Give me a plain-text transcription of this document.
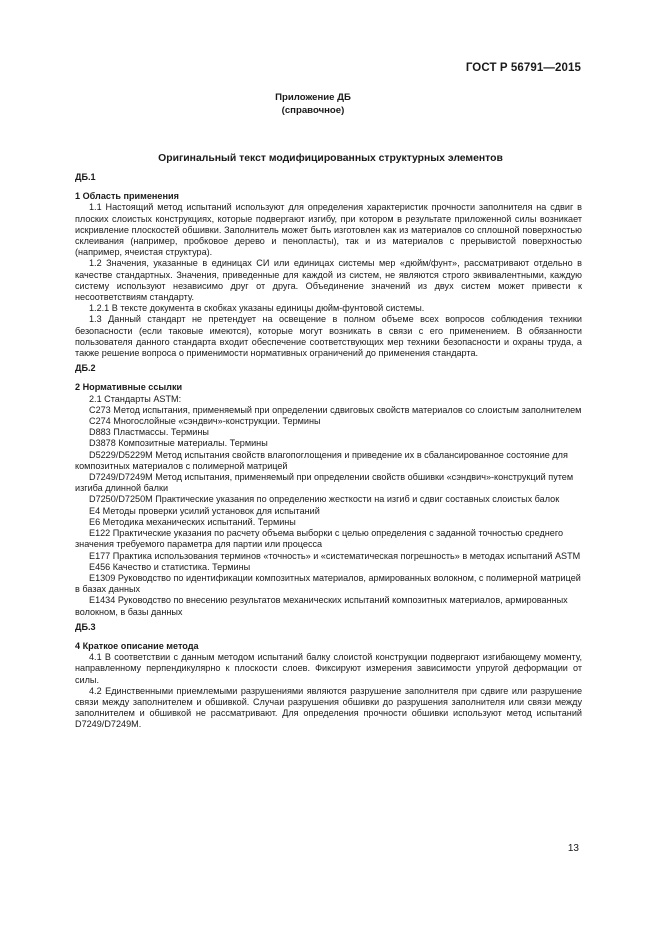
ГОСТ Р 56791—2015
Приложение ДБ
(справочное)
Оригинальный текст модифицированных структурных элементов
ДБ.1
1 Область применения
1.1 Настоящий метод испытаний используют для определения характеристик прочности заполнителя на сдвиг в плоских слоистых конструкциях, которые подвергают изгибу, при котором в результате приложенной силы возникает искривление плоскостей обшивки. Заполнитель может быть изготовлен как из материалов со сплошной поверхностью склеивания (например, пробковое дерево и пенопласты), так и из материалов с прерывистой поверхностью (например, ячеистая структура).
1.2 Значения, указанные в единицах СИ или единицах системы мер «дюйм/фунт», рассматривают отдельно в качестве стандартных. Значения, приведенные для каждой из систем, не являются строго эквивалентными, каждую систему используют независимо друг от друга. Объединение значений из двух систем может привести к несоответствиям стандарту.
1.2.1 В тексте документа в скобках указаны единицы дюйм-фунтовой системы.
1.3 Данный стандарт не претендует на освещение в полном объеме всех вопросов соблюдения техники безопасности (если таковые имеются), которые могут возникать в связи с его применением. В обязанности пользователя данного стандарта входит обеспечение соответствующих мер техники безопасности и охраны труда, а также решение вопроса о применимости нормативных ограничений до применения стандарта.
ДБ.2
2 Нормативные ссылки
2.1 Стандарты ASTM:
C273 Метод испытания, применяемый при определении сдвиговых свойств материалов со слоистым заполнителем
C274 Многослойные «сэндвич»-конструкции. Термины
D883 Пластмассы. Термины
D3878 Композитные материалы. Термины
D5229/D5229M Метод испытания свойств влагопоглощения и приведение их в сбалансированное состояние для композитных материалов с полимерной матрицей
D7249/D7249M Метод испытания, применяемый при определении свойств обшивки «сэндвич»-конструкций путем изгиба длинной балки
D7250/D7250M Практические указания по определению жесткости на изгиб и сдвиг составных слоистых балок
E4 Методы проверки усилий установок для испытаний
E6 Методика механических испытаний. Термины
E122 Практические указания по расчету объема выборки с целью определения с заданной точностью среднего значения требуемого параметра для партии или процесса
E177 Практика использования терминов «точность» и «систематическая погрешность» в методах испытаний ASTM
E456 Качество и статистика. Термины
E1309 Руководство по идентификации композитных материалов, армированных волокном, с полимерной матрицей в базах данных
E1434 Руководство по внесению результатов механических испытаний композитных материалов, армированных волокном, в базы данных
ДБ.3
4 Краткое описание метода
4.1 В соответствии с данным методом испытаний балку слоистой конструкции подвергают изгибающему моменту, направленному перпендикулярно к плоскости слоев. Фиксируют измерения зависимости упругой деформации от силы.
4.2 Единственными приемлемыми разрушениями являются разрушение заполнителя при сдвиге или разрушение связи между заполнителем и обшивкой. Случаи разрушения обшивки до разрушения заполнителя или связи между заполнителем и обшивкой не рассматривают. Для определения прочности обшивки используют метод испытаний D7249/D7249M.
13
